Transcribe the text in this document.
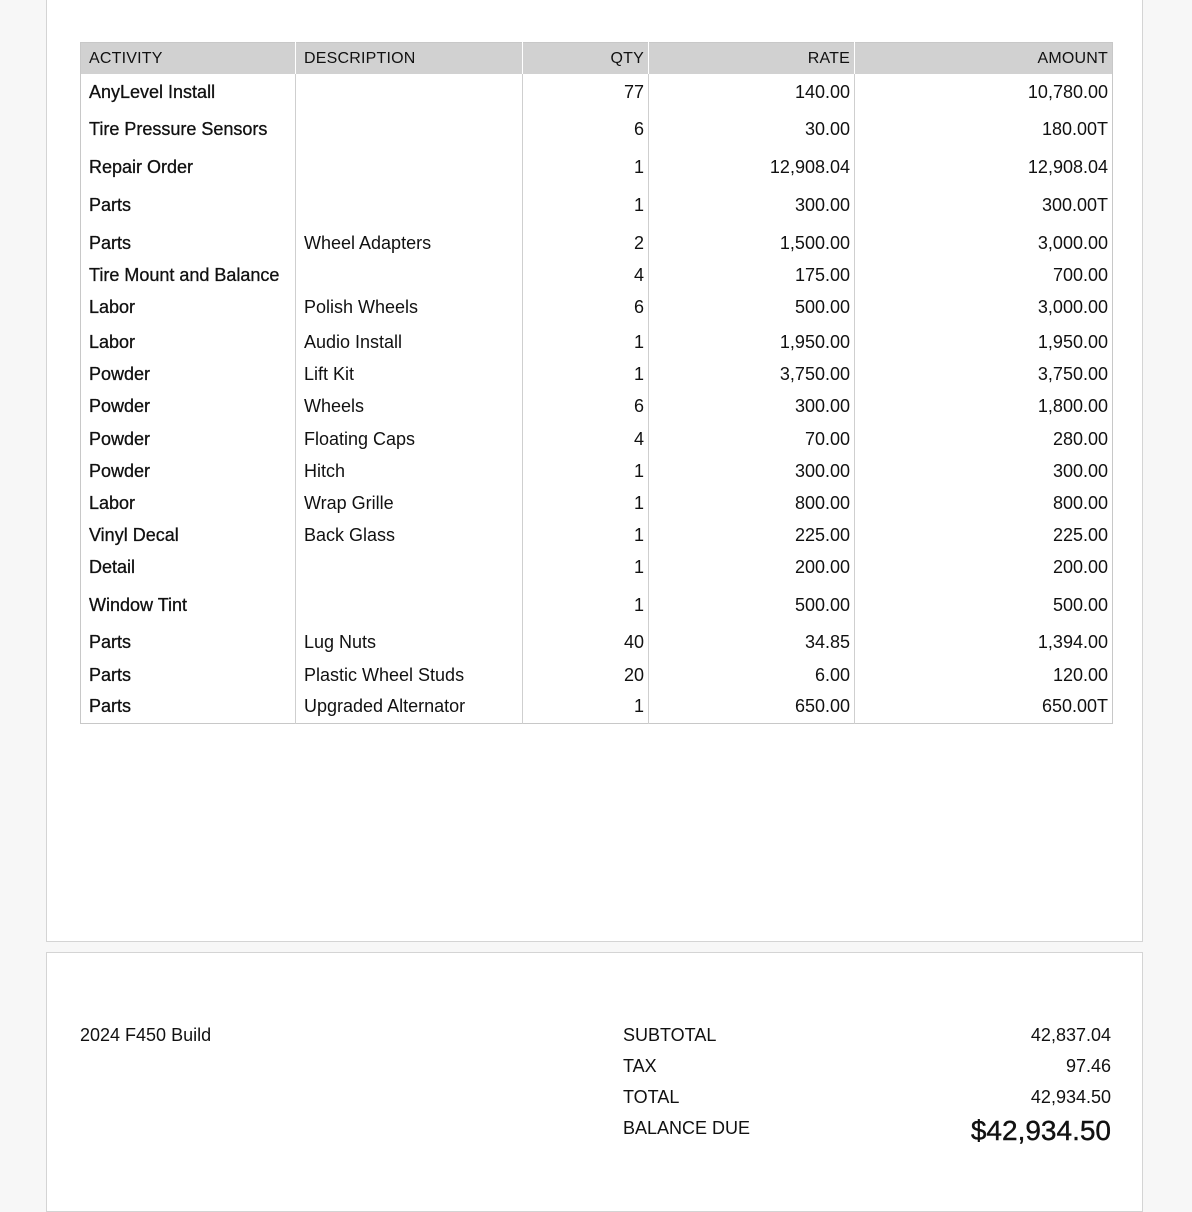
ACTIVITY	DESCRIPTION	QTY	RATE	AMOUNT
AnyLevel Install		77	140.00	10,780.00
Tire Pressure Sensors		6	30.00	180.00T
Repair Order		1	12,908.04	12,908.04
Parts		1	300.00	300.00T
Parts	Wheel Adapters	2	1,500.00	3,000.00
Tire Mount and Balance		4	175.00	700.00
Labor	Polish Wheels	6	500.00	3,000.00
Labor	Audio Install	1	1,950.00	1,950.00
Powder	Lift Kit	1	3,750.00	3,750.00
Powder	Wheels	6	300.00	1,800.00
Powder	Floating Caps	4	70.00	280.00
Powder	Hitch	1	300.00	300.00
Labor	Wrap Grille	1	800.00	800.00
Vinyl Decal	Back Glass	1	225.00	225.00
Detail		1	200.00	200.00
Window Tint		1	500.00	500.00
Parts	Lug Nuts	40	34.85	1,394.00
Parts	Plastic Wheel Studs	20	6.00	120.00
Parts	Upgraded Alternator	1	650.00	650.00T
2024 F450 Build	SUBTOTAL	42,837.04
TAX	97.46
TOTAL	42,934.50
BALANCE DUE	$42,934.50
